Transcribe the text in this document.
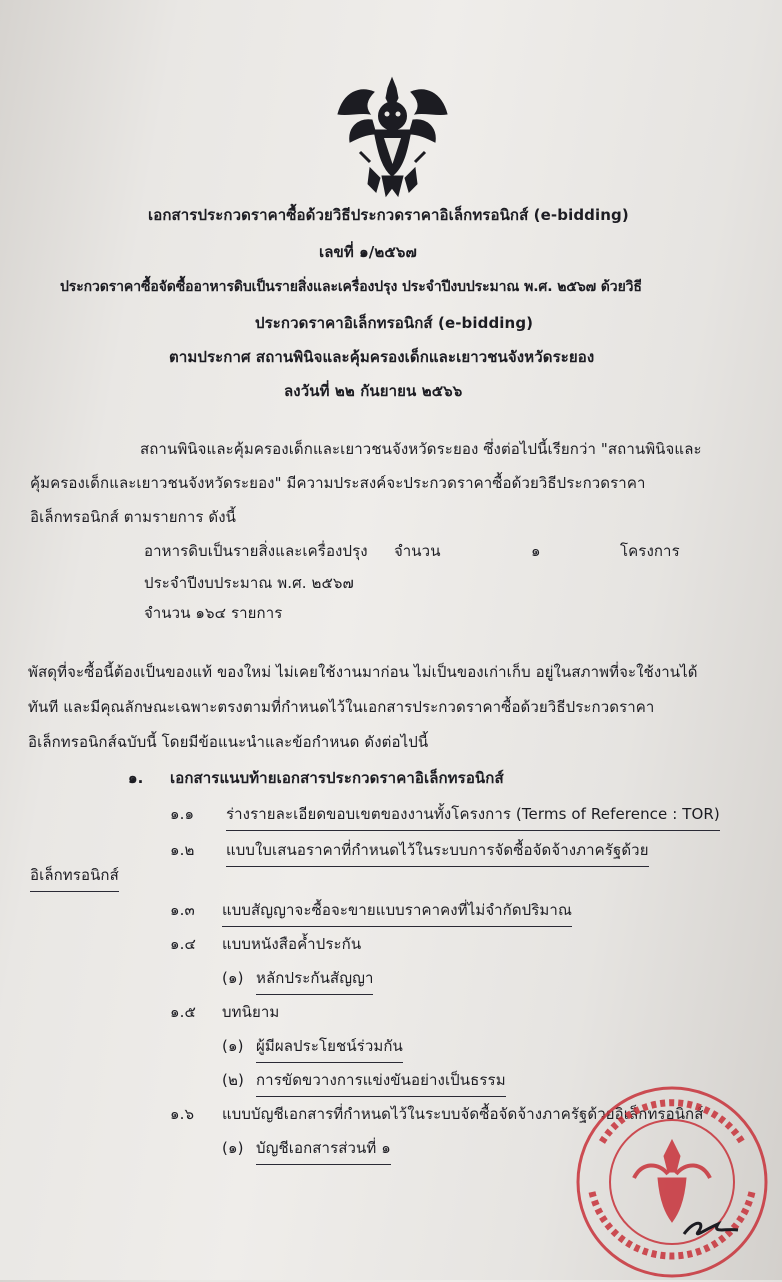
เอกสารประกวดราคาซื้อด้วยวิธีประกวดราคาอิเล็กทรอนิกส์ (e-bidding)
เลขที่ ๑/๒๕๖๗
ประกวดราคาซื้อจัดซื้ออาหารดิบเป็นรายสิ่งและเครื่องปรุง ประจำปีงบประมาณ พ.ศ. ๒๕๖๗ ด้วยวิธี
ประกวดราคาอิเล็กทรอนิกส์ (e-bidding)
ตามประกาศ สถานพินิจและคุ้มครองเด็กและเยาวชนจังหวัดระยอง
ลงวันที่ ๒๒ กันยายน ๒๕๖๖
สถานพินิจและคุ้มครองเด็กและเยาวชนจังหวัดระยอง ซึ่งต่อไปนี้เรียกว่า "สถานพินิจและ
คุ้มครองเด็กและเยาวชนจังหวัดระยอง" มีความประสงค์จะประกวดราคาซื้อด้วยวิธีประกวดราคา
อิเล็กทรอนิกส์ ตามรายการ ดังนี้
อาหารดิบเป็นรายสิ่งและเครื่องปรุง จำนวน	๑	โครงการ
ประจำปีงบประมาณ พ.ศ. ๒๕๖๗
จำนวน ๑๖๔ รายการ
พัสดุที่จะซื้อนี้ต้องเป็นของแท้ ของใหม่ ไม่เคยใช้งานมาก่อน ไม่เป็นของเก่าเก็บ อยู่ในสภาพที่จะใช้งานได้
ทันที และมีคุณลักษณะเฉพาะตรงตามที่กำหนดไว้ในเอกสารประกวดราคาซื้อด้วยวิธีประกวดราคา
อิเล็กทรอนิกส์ฉบับนี้ โดยมีข้อแนะนำและข้อกำหนด ดังต่อไปนี้
๑. เอกสารแนบท้ายเอกสารประกวดราคาอิเล็กทรอนิกส์
๑.๑ ร่างรายละเอียดขอบเขตของงานทั้งโครงการ (Terms of Reference : TOR)
๑.๒ แบบใบเสนอราคาที่กำหนดไว้ในระบบการจัดซื้อจัดจ้างภาครัฐด้วย
อิเล็กทรอนิกส์
๑.๓ แบบสัญญาจะซื้อจะขายแบบราคาคงที่ไม่จำกัดปริมาณ
๑.๔ แบบหนังสือค้ำประกัน
(๑) หลักประกันสัญญา
๑.๕ บทนิยาม
(๑) ผู้มีผลประโยชน์ร่วมกัน
(๒) การขัดขวางการแข่งขันอย่างเป็นธรรม
๑.๖ แบบบัญชีเอกสารที่กำหนดไว้ในระบบจัดซื้อจัดจ้างภาครัฐด้วยอิเล็กทรอนิกส์
(๑) บัญชีเอกสารส่วนที่ ๑
